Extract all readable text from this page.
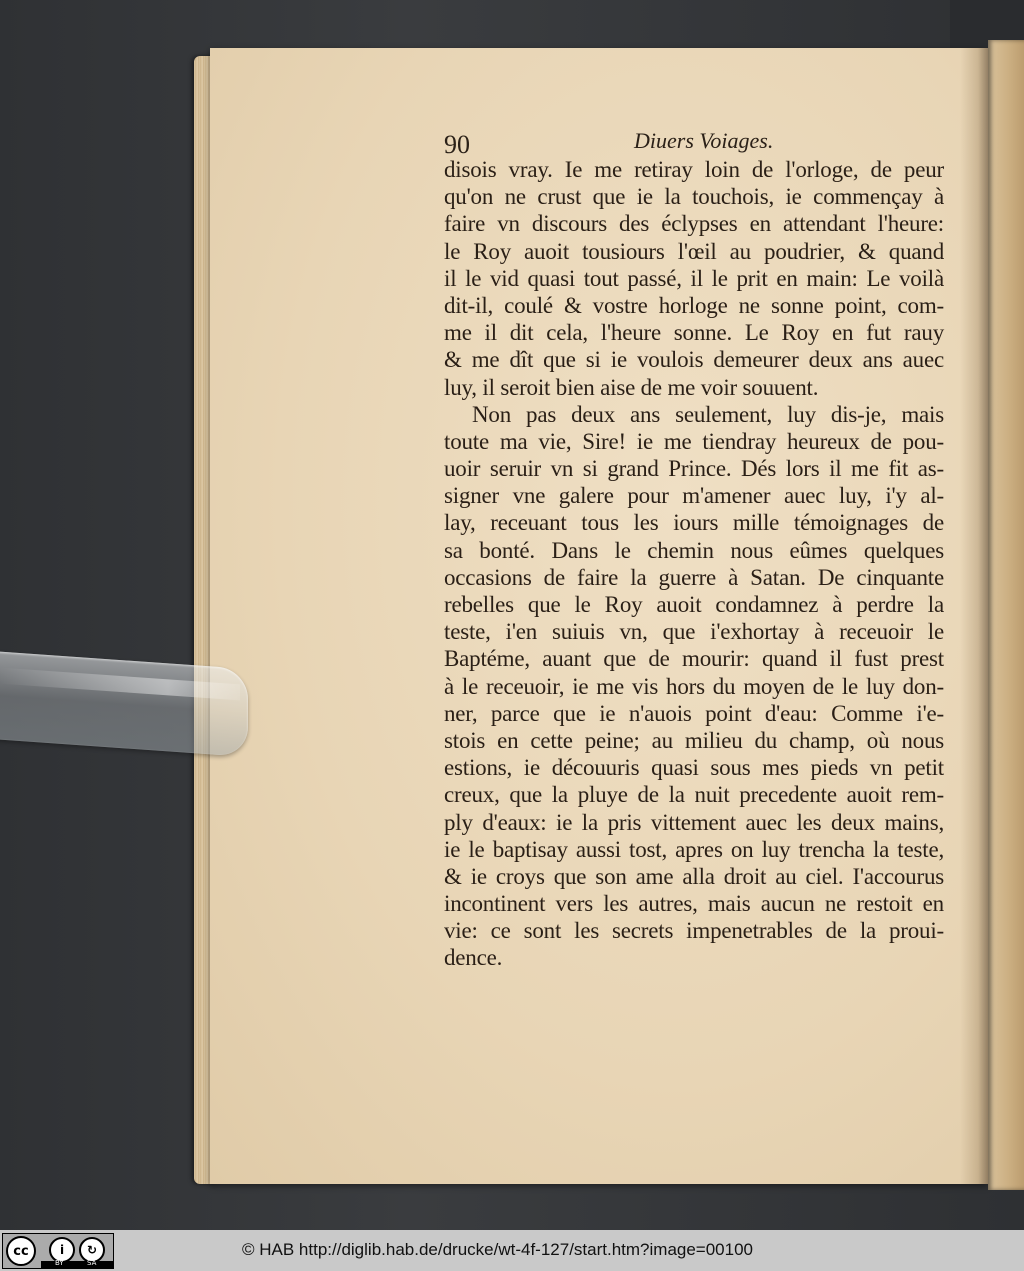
90	Diuers Voiages.
disois vray. Ie me retiray loin de l'orloge, de peur
qu'on ne crust que ie la touchois, ie commençay à
faire vn discours des éclypses en attendant l'heure:
le Roy auoit tousiours l'œil au poudrier, & quand
il le vid quasi tout passé, il le prit en main: Le voilà
dit-il, coulé & vostre horloge ne sonne point, com-
me il dit cela, l'heure sonne. Le Roy en fut rauy
& me dît que si ie voulois demeurer deux ans auec
luy, il seroit bien aise de me voir souuent.
Non pas deux ans seulement, luy dis-je, mais
toute ma vie, Sire! ie me tiendray heureux de pou-
uoir seruir vn si grand Prince. Dés lors il me fit as-
signer vne galere pour m'amener auec luy, i'y al-
lay, receuant tous les iours mille témoignages de
sa bonté. Dans le chemin nous eûmes quelques
occasions de faire la guerre à Satan. De cinquante
rebelles que le Roy auoit condamnez à perdre la
teste, i'en suiuis vn, que i'exhortay à receuoir le
Baptéme, auant que de mourir: quand il fust prest
à le receuoir, ie me vis hors du moyen de le luy don-
ner, parce que ie n'auois point d'eau: Comme i'e-
stois en cette peine; au milieu du champ, où nous
estions, ie découuris quasi sous mes pieds vn petit
creux, que la pluye de la nuit precedente auoit rem-
ply d'eaux: ie la pris vittement auec les deux mains,
ie le baptisay aussi tost, apres on luy trencha la teste,
& ie croys que son ame alla droit au ciel. I'accourus
incontinent vers les autres, mais aucun ne restoit en
vie: ce sont les secrets impenetrables de la proui-
dence.
cc	i	↻
BY	SA
© HAB http://diglib.hab.de/drucke/wt-4f-127/start.htm?image=00100
